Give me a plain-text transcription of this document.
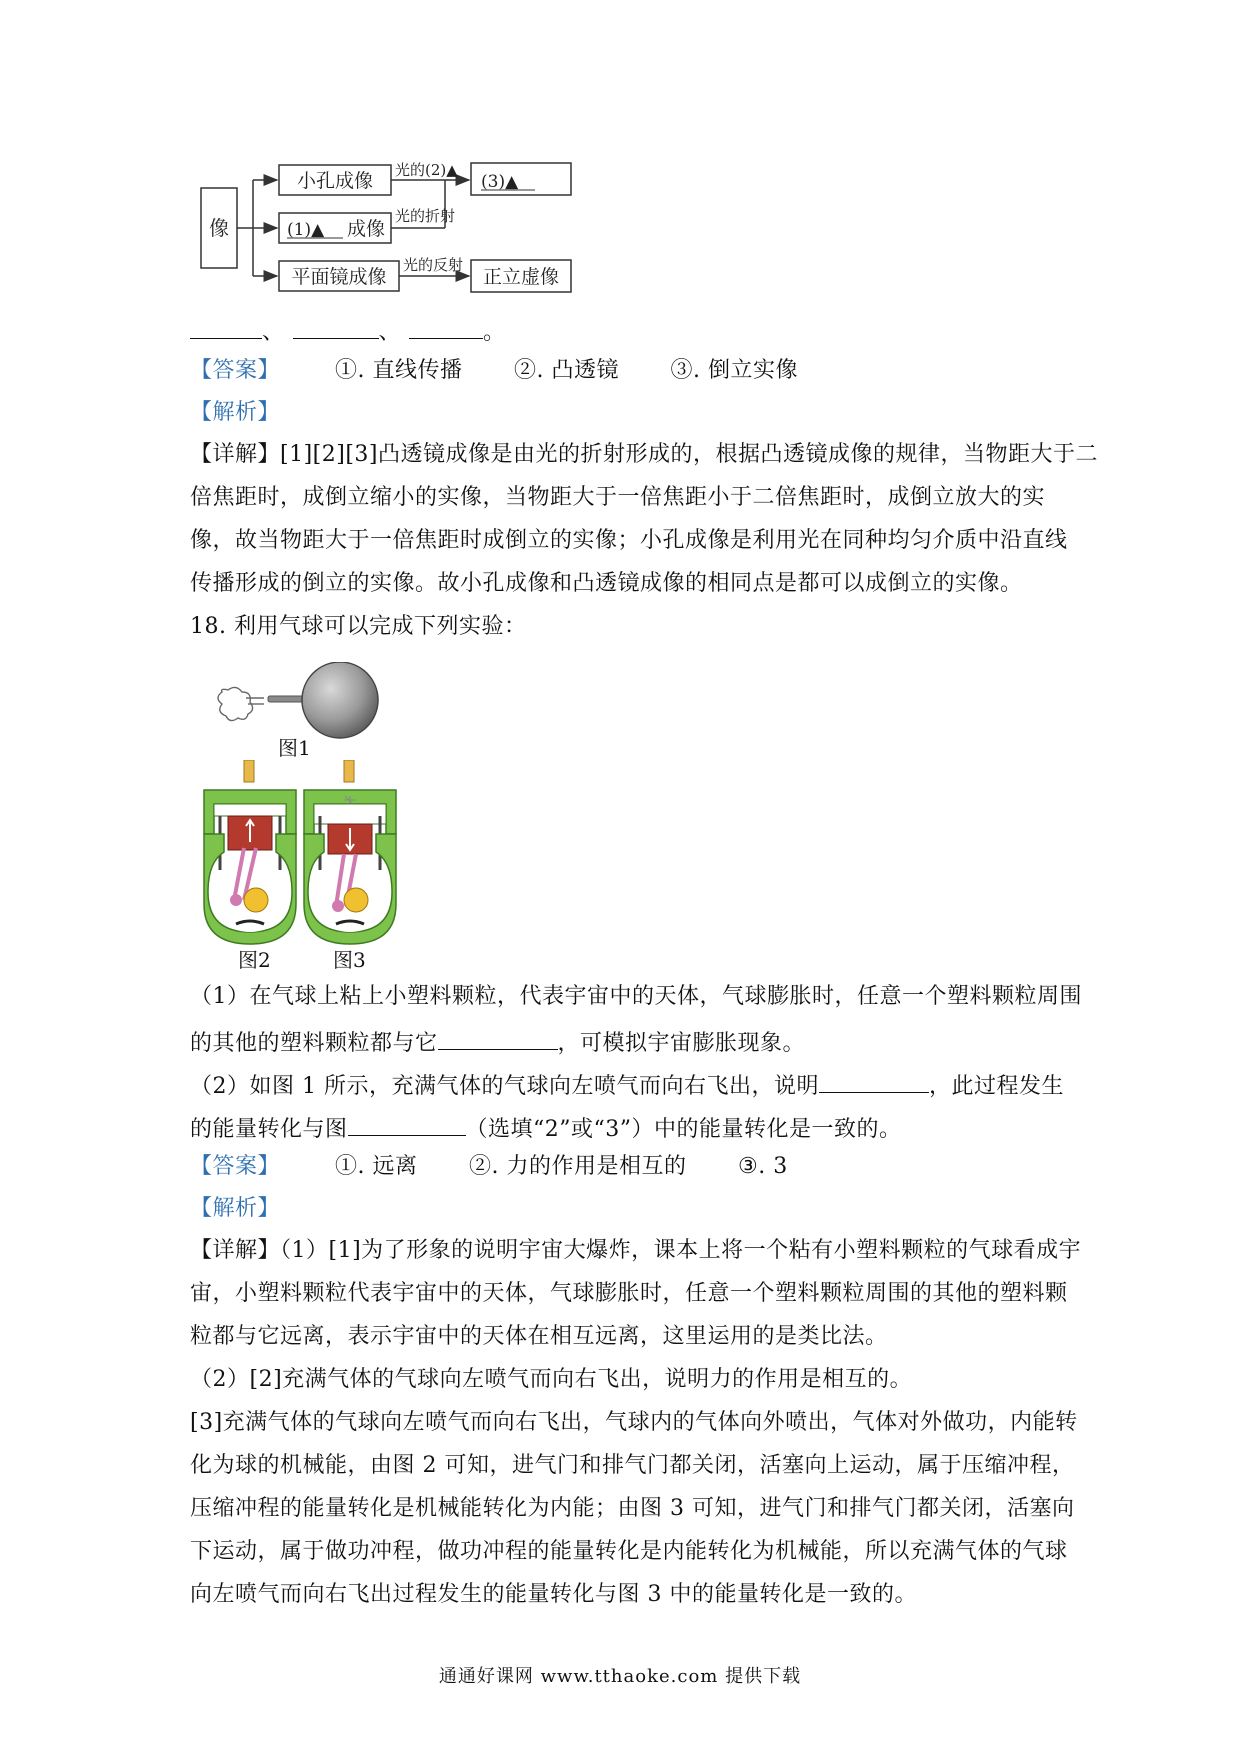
像
小孔成像
(1)▲ 成像
平面镜成像
光的(2)▲
光的折射
光的反射
(3)▲
正立虚像
、	、	。
【答案】	①. 直线传播 ②. 凸透镜 ③. 倒立实像
【解析】
【详解】[1][2][3]凸透镜成像是由光的折射形成的，根据凸透镜成像的规律，当物距大于二
倍焦距时，成倒立缩小的实像，当物距大于一倍焦距小于二倍焦距时，成倒立放大的实
像，故当物距大于一倍焦距时成倒立的实像；小孔成像是利用光在同种均匀介质中沿直线
传播形成的倒立的实像。故小孔成像和凸透镜成像的相同点是都可以成倒立的实像。
18. 利用气球可以完成下列实验：
图1
图2	图3
（1）在气球上粘上小塑料颗粒，代表宇宙中的天体，气球膨胀时，任意一个塑料颗粒周围
的其他的塑料颗粒都与它	，可模拟宇宙膨胀现象。
（2）如图 1 所示，充满气体的气球向左喷气而向右飞出，说明	，此过程发生
的能量转化与图	（选填“2”或“3”）中的能量转化是一致的。
【答案】	①. 远离 ②. 力的作用是相互的 ③. 3
【解析】
【详解】（1）[1]为了形象的说明宇宙大爆炸，课本上将一个粘有小塑料颗粒的气球看成宇
宙，小塑料颗粒代表宇宙中的天体，气球膨胀时，任意一个塑料颗粒周围的其他的塑料颗
粒都与它远离，表示宇宙中的天体在相互远离，这里运用的是类比法。
（2）[2]充满气体的气球向左喷气而向右飞出，说明力的作用是相互的。
[3]充满气体的气球向左喷气而向右飞出，气球内的气体向外喷出，气体对外做功，内能转
化为球的机械能，由图 2 可知，进气门和排气门都关闭，活塞向上运动，属于压缩冲程，
压缩冲程的能量转化是机械能转化为内能；由图 3 可知，进气门和排气门都关闭，活塞向
下运动，属于做功冲程，做功冲程的能量转化是内能转化为机械能，所以充满气体的气球
向左喷气而向右飞出过程发生的能量转化与图 3 中的能量转化是一致的。
通通好课网 www.tthaoke.com 提供下载
